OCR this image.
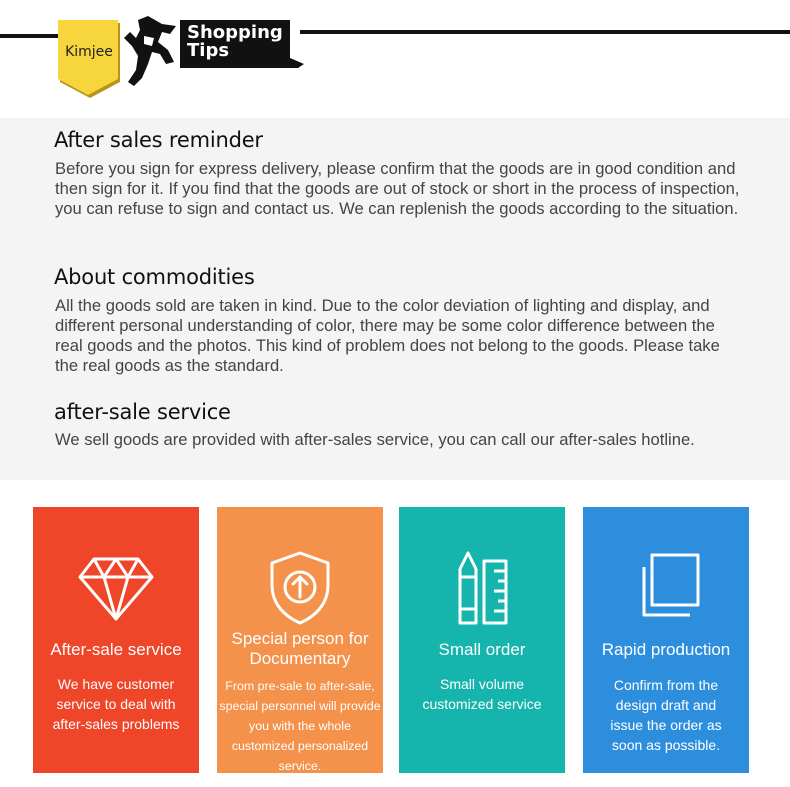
Kimjee
Shopping
Tips
After sales reminder

Before you sign for express delivery, please confirm that the goods are in good condition and then sign for it. If you find that the goods are out of stock or short in the process of inspection, you can refuse to sign and contact us. We can replenish the goods according to the situation.

About commodities

All the goods sold are taken in kind. Due to the color deviation of lighting and display, and different personal understanding of color, there may be some color difference between the real goods and the photos. This kind of problem does not belong to the goods. Please take the real goods as the standard.

after-sale service

We sell goods are provided with after-sales service, you can call our after-sales hotline.

After-sale service
We have customer service to deal with after-sales problems
Special person for Documentary
From pre-sale to after-sale, special personnel will provide you with the whole customized personalized service.
Small order
Small volume customized service
Rapid production
Confirm from the design draft and issue the order as soon as possible.
